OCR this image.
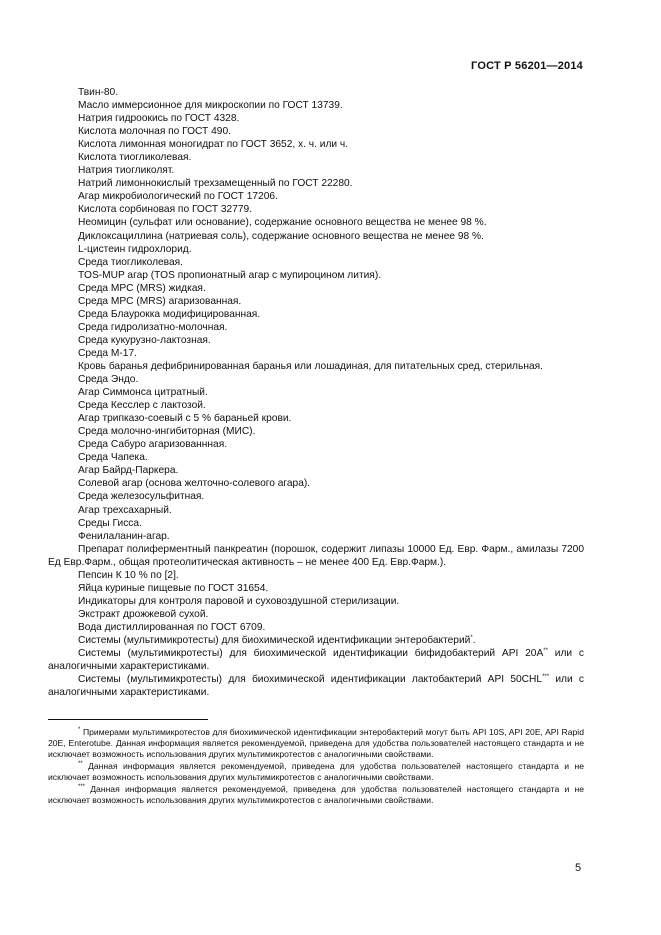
ГОСТ Р 56201—2014
Твин-80.
Масло иммерсионное для микроскопии по ГОСТ 13739.
Натрия гидроокись по ГОСТ 4328.
Кислота молочная по ГОСТ 490.
Кислота лимонная моногидрат по ГОСТ 3652, х. ч. или ч.
Кислота тиогликолевая.
Натрия тиогликолят.
Натрий лимоннокислый трехзамещенный по ГОСТ 22280.
Агар микробиологический по ГОСТ 17206.
Кислота сорбиновая по ГОСТ 32779.
Неомицин (сульфат или основание), содержание основного вещества не менее 98 %.
Диклоксациллина (натриевая соль), содержание основного вещества не менее 98 %.
L-цистеин гидрохлорид.
Среда тиогликолевая.
TOS-MUP агар (TOS пропионатный агар с мупироцином лития).
Среда MPC (MRS) жидкая.
Среда MPC (MRS) агаризованная.
Среда Блаурокка модифицированная.
Среда гидролизатно-молочная.
Среда кукурузно-лактозная.
Среда М-17.
Кровь баранья дефибринированная баранья или лошадиная, для питательных сред, стерильная.
Среда Эндо.
Агар Симмонса цитратный.
Среда Кесслер с лактозой.
Агар трипказо-соевый с 5 % бараньей крови.
Среда молочно-ингибиторная (МИС).
Среда Сабуро агаризованнная.
Среда Чапека.
Агар Байрд-Паркера.
Солевой агар (основа желточно-солевого агара).
Среда железосульфитная.
Агар трехсахарный.
Среды Гисса.
Фенилаланин-агар.
Препарат полиферментный панкреатин (порошок, содержит липазы 10000 Ед. Евр. Фарм., амилазы 7200 Ед Евр.Фарм., общая протеолитическая активность – не менее 400 Ед. Евр.Фарм.).
Пепсин К 10 % по [2].
Яйца куриные пищевые по ГОСТ 31654.
Индикаторы для контроля паровой и суховоздушной стерилизации.
Экстракт дрожжевой сухой.
Вода дистиллированная по ГОСТ 6709.
Системы (мультимикротесты) для биохимической идентификации энтеробактерий*.
Системы (мультимикротесты) для биохимической идентификации бифидобактерий API 20A** или с аналогичными характеристиками.
Системы (мультимикротесты) для биохимической идентификации лактобактерий API 50CHL*** или с аналогичными характеристиками.
* Примерами мультимикротестов для биохимической идентификации энтеробактерий могут быть API 10S, API 20E, API Rapid 20E, Enterotube. Данная информация является рекомендуемой, приведена для удобства пользователей настоящего стандарта и не исключает возможность использования других мультимикротестов с аналогичными свойствами.
** Данная информация является рекомендуемой, приведена для удобства пользователей настоящего стандарта и не исключает возможность использования других мультимикротестов с аналогичными свойствами.
*** Данная информация является рекомендуемой, приведена для удобства пользователей настоящего стандарта и не исключает возможность использования других мультимикротестов с аналогичными свойствами.
5
